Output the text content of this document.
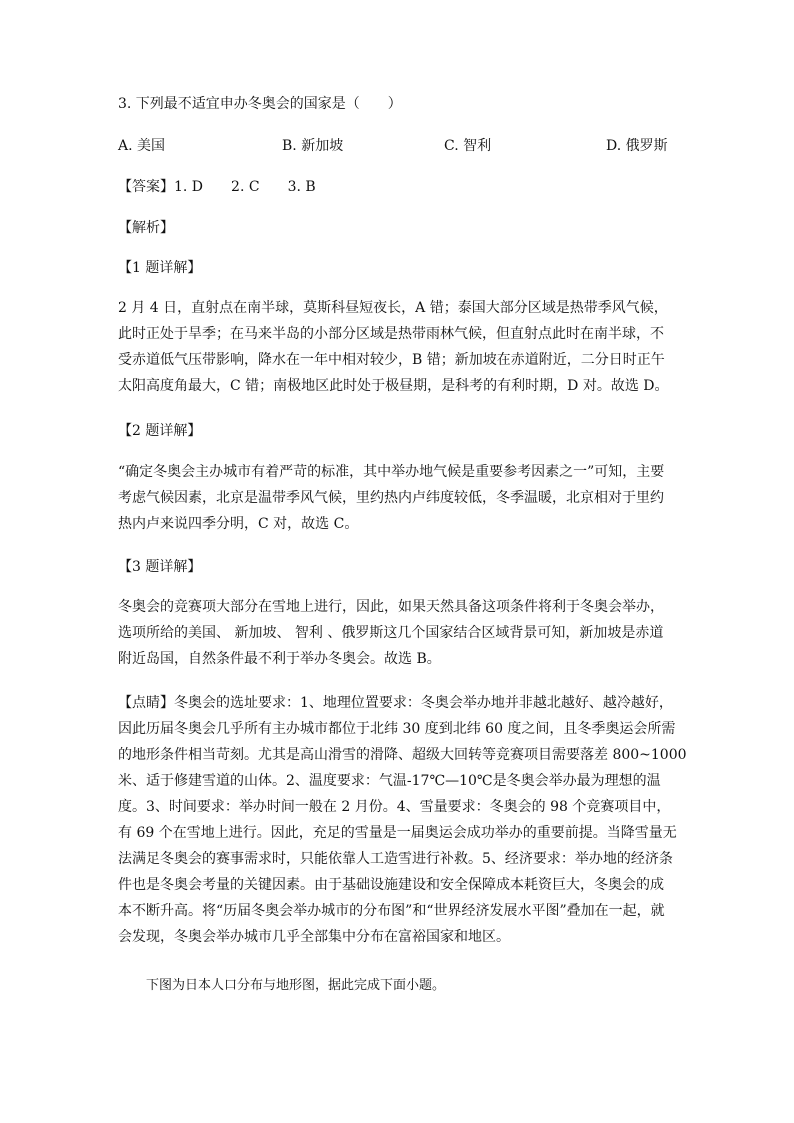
3. 下列最不适宜申办冬奥会的国家是（　　）
A. 美国	B. 新加坡	C. 智利	D. 俄罗斯
【答案】1. D 2. C 3. B
【解析】
【1 题详解】

2 月 4 日，直射点在南半球，莫斯科昼短夜长，A 错；泰国大部分区域是热带季风气候，

此时正处于旱季；在马来半岛的小部分区域是热带雨林气候，但直射点此时在南半球，不

受赤道低气压带影响，降水在一年中相对较少，B 错；新加坡在赤道附近，二分日时正午

太阳高度角最大，C 错；南极地区此时处于极昼期，是科考的有利时期，D 对。故选 D。

【2 题详解】

“确定冬奥会主办城市有着严苛的标准，其中举办地气候是重要参考因素之一”可知，主要

考虑气候因素，北京是温带季风气候，里约热内卢纬度较低，冬季温暖，北京相对于里约

热内卢来说四季分明，C 对，故选 C。

【3 题详解】

冬奥会的竞赛项大部分在雪地上进行，因此，如果天然具备这项条件将利于冬奥会举办，

选项所给的美国、 新加坡、 智利 、俄罗斯这几个国家结合区域背景可知，新加坡是赤道

附近岛国，自然条件最不利于举办冬奥会。故选 B。

【点睛】冬奥会的选址要求：1、地理位置要求：冬奥会举办地并非越北越好、越冷越好，

因此历届冬奥会几乎所有主办城市都位于北纬 30 度到北纬 60 度之间，且冬季奥运会所需

的地形条件相当苛刻。尤其是高山滑雪的滑降、超级大回转等竞赛项目需要落差 800~1000

米、适于修建雪道的山体。2、温度要求：气温-17℃—10℃是冬奥会举办最为理想的温

度。3、时间要求：举办时间一般在 2 月份。4、雪量要求：冬奥会的 98 个竞赛项目中，

有 69 个在雪地上进行。因此，充足的雪量是一届奥运会成功举办的重要前提。当降雪量无

法满足冬奥会的赛事需求时，只能依靠人工造雪进行补救。5、经济要求：举办地的经济条

件也是冬奥会考量的关键因素。由于基础设施建设和安全保障成本耗资巨大，冬奥会的成

本不断升高。将“历届冬奥会举办城市的分布图”和“世界经济发展水平图”叠加在一起，就

会发现，冬奥会举办城市几乎全部集中分布在富裕国家和地区。

下图为日本人口分布与地形图，据此完成下面小题。
